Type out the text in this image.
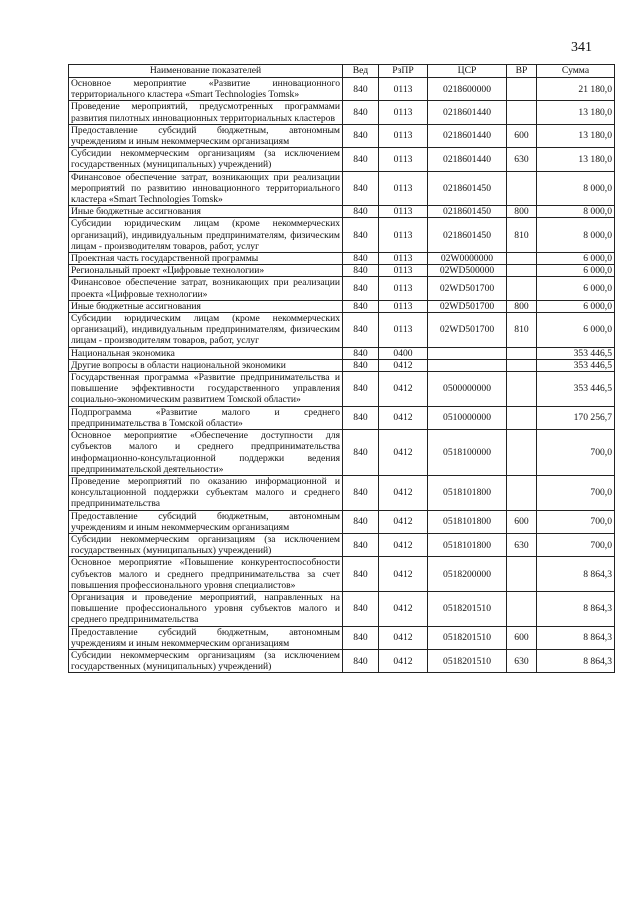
341
Наименование показателей	Вед	РзПР	ЦСР	ВР	Сумма
Основное мероприятие «Развитие инновационного территориального кластера «Smart Technologies Tomsk»	840	0113	0218600000		21 180,0
Проведение мероприятий, предусмотренных программами развития пилотных инновационных территориальных кластеров	840	0113	0218601440		13 180,0
Предоставление субсидий бюджетным, автономным учреждениям и иным некоммерческим организациям	840	0113	0218601440	600	13 180,0
Субсидии некоммерческим организациям (за исключением государственных (муниципальных) учреждений)	840	0113	0218601440	630	13 180,0
Финансовое обеспечение затрат, возникающих при реализации мероприятий по развитию инновационного территориального кластера «Smart Technologies Tomsk»	840	0113	0218601450		8 000,0
Иные бюджетные ассигнования	840	0113	0218601450	800	8 000,0
Субсидии юридическим лицам (кроме некоммерческих организаций), индивидуальным предпринимателям, физическим лицам - производителям товаров, работ, услуг	840	0113	0218601450	810	8 000,0
Проектная часть государственной программы	840	0113	02W0000000		6 000,0
Региональный проект «Цифровые технологии»	840	0113	02WD500000		6 000,0
Финансовое обеспечение затрат, возникающих при реализации проекта «Цифровые технологии»	840	0113	02WD501700		6 000,0
Иные бюджетные ассигнования	840	0113	02WD501700	800	6 000,0
Субсидии юридическим лицам (кроме некоммерческих организаций), индивидуальным предпринимателям, физическим лицам - производителям товаров, работ, услуг	840	0113	02WD501700	810	6 000,0
Национальная экономика	840	0400			353 446,5
Другие вопросы в области национальной экономики	840	0412			353 446,5
Государственная программа «Развитие предпринимательства и повышение эффективности государственного управления социально-экономическим развитием Томской области»	840	0412	0500000000		353 446,5
Подпрограмма «Развитие малого и среднего предпринимательства в Томской области»	840	0412	0510000000		170 256,7
Основное мероприятие «Обеспечение доступности для субъектов малого и среднего предпринимательства информационно-консультационной поддержки ведения предпринимательской деятельности»	840	0412	0518100000		700,0
Проведение мероприятий по оказанию информационной и консультационной поддержки субъектам малого и среднего предпринимательства	840	0412	0518101800		700,0
Предоставление субсидий бюджетным, автономным учреждениям и иным некоммерческим организациям	840	0412	0518101800	600	700,0
Субсидии некоммерческим организациям (за исключением государственных (муниципальных) учреждений)	840	0412	0518101800	630	700,0
Основное мероприятие «Повышение конкурентоспособности субъектов малого и среднего предпринимательства за счет повышения профессионального уровня специалистов»	840	0412	0518200000		8 864,3
Организация и проведение мероприятий, направленных на повышение профессионального уровня субъектов малого и среднего предпринимательства	840	0412	0518201510		8 864,3
Предоставление субсидий бюджетным, автономным учреждениям и иным некоммерческим организациям	840	0412	0518201510	600	8 864,3
Субсидии некоммерческим организациям (за исключением государственных (муниципальных) учреждений)	840	0412	0518201510	630	8 864,3
